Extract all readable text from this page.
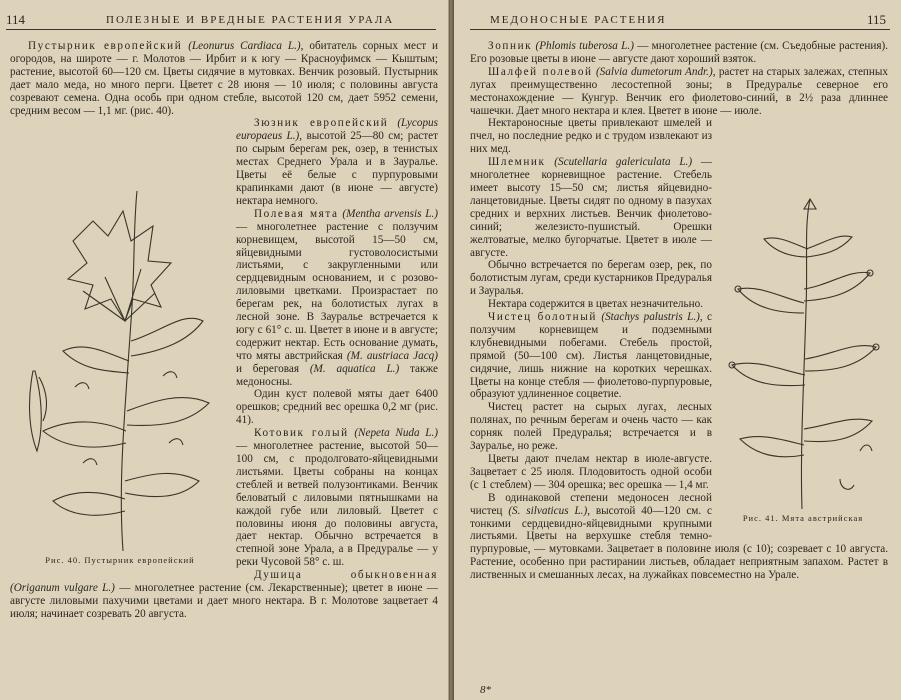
114	ПОЛЕЗНЫЕ И ВРЕДНЫЕ РАСТЕНИЯ УРАЛА

Пустырник европейский (Leonurus Cardiaca L.), обитатель сорных мест и огородов, на широте — г. Молотов — Ирбит и к югу — Красноуфимск — Кыштым; растение, высотой 60—120 см. Цветы сидячие в мутовках. Венчик розовый. Пустырник дает мало меда, но много перги. Цветет с 28 июня — 10 июля; с половины августа созревают семена. Одна особь при одном стебле, высотой 120 см, дает 5952 семени, средним весом — 1,1 мг. (рис. 40).

Рис. 40. Пустырник европейский

Зюзник европейский (Lycopus europaeus L.), высотой 25—80 см; растет по сырым берегам рек, озер, в тенистых местах Среднего Урала и в Зауралье. Цветы её белые с пурпуровыми крапинками дают (в июне — августе) нектара немного.

Полевая мята (Mentha arvensis L.) — многолетнее растение с ползучим корневищем, высотой 15—50 см, яйцевидными густоволосистыми листьями, с закругленными или сердцевидным основанием, и с розово-лиловыми цветками. Произрастает по берегам рек, на болотистых лугах в лесной зоне. В Зауралье встречается к югу с 61° с. ш. Цветет в июне и в августе; содержит нектар. Есть основание думать, что мяты австрийская (M. austriaca Jacq) и береговая (M. aquatica L.) также медоносны.

Один куст полевой мяты дает 6400 орешков; средний вес орешка 0,2 мг (рис. 41).

Котовик голый (Nepeta Nuda L.) — многолетнее растение, высотой 50—100 см, с продолговато-яйцевидными листьями. Цветы собраны на концах стеблей и ветвей полузонтиками. Венчик беловатый с лиловыми пятнышками на каждой губе или лиловый. Цветет с половины июня до половины августа, дает нектар. Обычно встречается в степной зоне Урала, а в Предуралье — у реки Чусовой 58° с. ш.

Душица обыкновенная (Origanum vulgare L.) — многолетнее растение (см. Лекарственные); цветет в июне — августе лиловыми пахучими цветами и дает много нектара. В г. Молотове зацветает 4 июля; начинает созревать 20 августа.

МЕДОНОСНЫЕ РАСТЕНИЯ	115

Зопник (Phlomis tuberosa L.) — многолетнее растение (см. Съедобные растения). Его розовые цветы в июне — августе дают хороший взяток.

Шалфей полевой (Salvia dumetorum Andr.), растет на старых залежах, степных лугах преимущественно лесостепной зоны; в Предуралье северное его местонахождение — Кунгур. Венчик его фиолетово-синий, в 2½ раза длиннее чашечки. Дает много нектара и клея. Цветет в июне — июле.

Рис. 41. Мята австрийская

Нектароносные цветы привлекают шмелей и пчел, но последние редко и с трудом извлекают из них мед.

Шлемник (Scutellaria galericulata L.) — многолетнее корневищное растение. Стебель имеет высоту 15—50 см; листья яйцевидно-ланцетовидные. Цветы сидят по одному в пазухах средних и верхних листьев. Венчик фиолетово-синий; железисто-пушистый. Орешки желтоватые, мелко бугорчатые. Цветет в июле — августе.

Обычно встречается по берегам озер, рек, по болотистым лугам, среди кустарников Предуралья и Зауралья.

Нектара содержится в цветах незначительно.

Чистец болотный (Stachys palustris L.), с ползучим корневищем и подземными клубневидными побегами. Стебель простой, прямой (50—100 см). Листья ланцетовидные, сидячие, лишь нижние на коротких черешках. Цветы на конце стебля — фиолетово-пурпуровые, образуют удлиненное соцветие.

Чистец растет на сырых лугах, лесных полянах, по речным берегам и очень часто — как сорняк полей Предуралья; встречается и в Зауралье, но реже.

Цветы дают пчелам нектар в июле-августе. Зацветает с 25 июля. Плодовитость одной особи (с 1 стеблем) — 304 орешка; вес орешка — 1,4 мг.

В одинаковой степени медоносен лесной чистец (S. silvaticus L.), высотой 40—120 см. с тонкими сердцевидно-яйцевидными крупными листьями. Цветы на верхушке стебля темно-пурпуровые, — мутовками. Зацветает в половине июля (с 10); созревает с 10 августа. Растение, особенно при растирании листьев, обладает неприятным запахом. Растет в лиственных и смешанных лесах, на лужайках повсеместно на Урале.

8*
